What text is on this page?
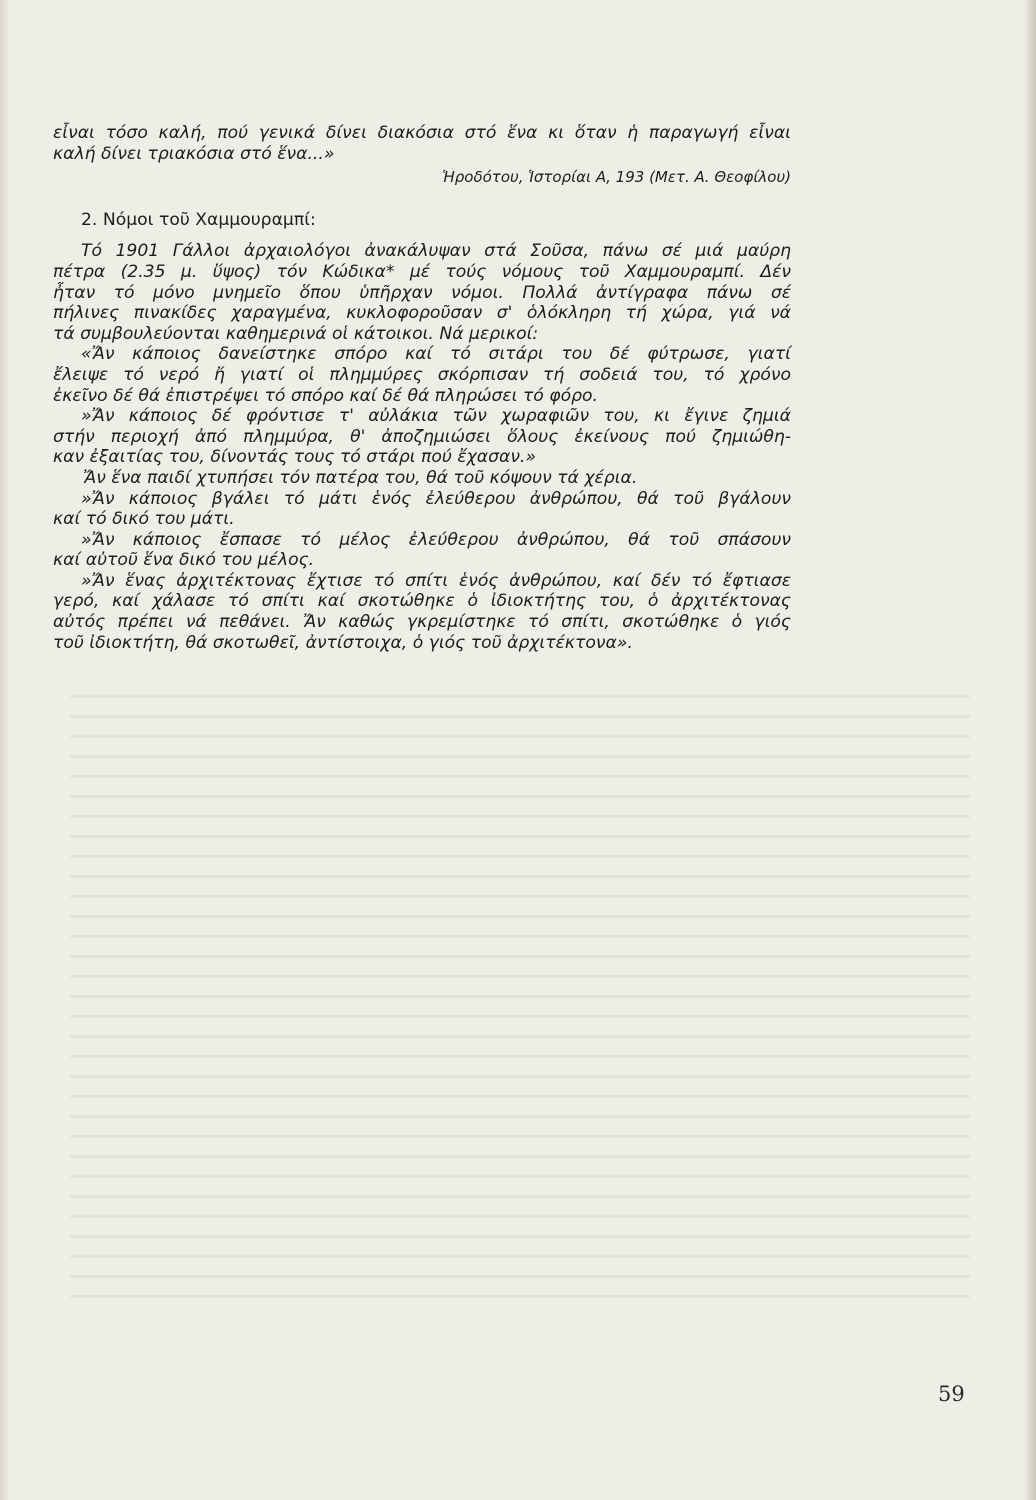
εἶναι τόσο καλή, πού γενικά δίνει διακόσια στό ἕνα κι ὅταν ἡ παραγωγή εἶναι
καλή δίνει τριακόσια στό ἕνα...»
Ἡροδότου, Ἱστορίαι Α, 193 (Μετ. Α. Θεοφίλου)
2. Νόμοι τοῦ Χαμμουραμπί:
Τό 1901 Γάλλοι ἀρχαιολόγοι ἀνακάλυψαν στά Σοῦσα, πάνω σέ μιά μαύρη
πέτρα (2.35 μ. ὕψος) τόν Κώδικα* μέ τούς νόμους τοῦ Χαμμουραμπί. Δέν
ἦταν τό μόνο μνημεῖο ὅπου ὑπῆρχαν νόμοι. Πολλά ἀντίγραφα πάνω σέ
πήλινες πινακίδες χαραγμένα, κυκλοφοροῦσαν σ' ὁλόκληρη τή χώρα, γιά νά
τά συμβουλεύονται καθημερινά οἱ κάτοικοι. Νά μερικοί:
«Ἄν κάποιος δανείστηκε σπόρο καί τό σιτάρι του δέ φύτρωσε, γιατί
ἔλειψε τό νερό ἤ γιατί οἱ πλημμύρες σκόρπισαν τή σοδειά του, τό χρόνο
ἐκεῖνο δέ θά ἐπιστρέψει τό σπόρο καί δέ θά πληρώσει τό φόρο.
»Ἄν κάποιος δέ φρόντισε τ' αὐλάκια τῶν χωραφιῶν του, κι ἔγινε ζημιά
στήν περιοχή ἀπό πλημμύρα, θ' ἀποζημιώσει ὅλους ἐκείνους πού ζημιώθη-
καν ἐξαιτίας του, δίνοντάς τους τό στάρι πού ἔχασαν.»
Ἄν ἕνα παιδί χτυπήσει τόν πατέρα του, θά τοῦ κόψουν τά χέρια.
»Ἄν κάποιος βγάλει τό μάτι ἑνός ἐλεύθερου ἀνθρώπου, θά τοῦ βγάλουν
καί τό δικό του μάτι.
»Ἄν κάποιος ἔσπασε τό μέλος ἐλεύθερου ἀνθρώπου, θά τοῦ σπάσουν
καί αὐτοῦ ἕνα δικό του μέλος.
»Ἄν ἕνας ἀρχιτέκτονας ἔχτισε τό σπίτι ἑνός ἀνθρώπου, καί δέν τό ἔφτιασε
γερό, καί χάλασε τό σπίτι καί σκοτώθηκε ὁ ἰδιοκτήτης του, ὁ ἀρχιτέκτονας
αὐτός πρέπει νά πεθάνει. Ἄν καθώς γκρεμίστηκε τό σπίτι, σκοτώθηκε ὁ γιός
τοῦ ἰδιοκτήτη, θά σκοτωθεῖ, ἀντίστοιχα, ὁ γιός τοῦ ἀρχιτέκτονα».
59
